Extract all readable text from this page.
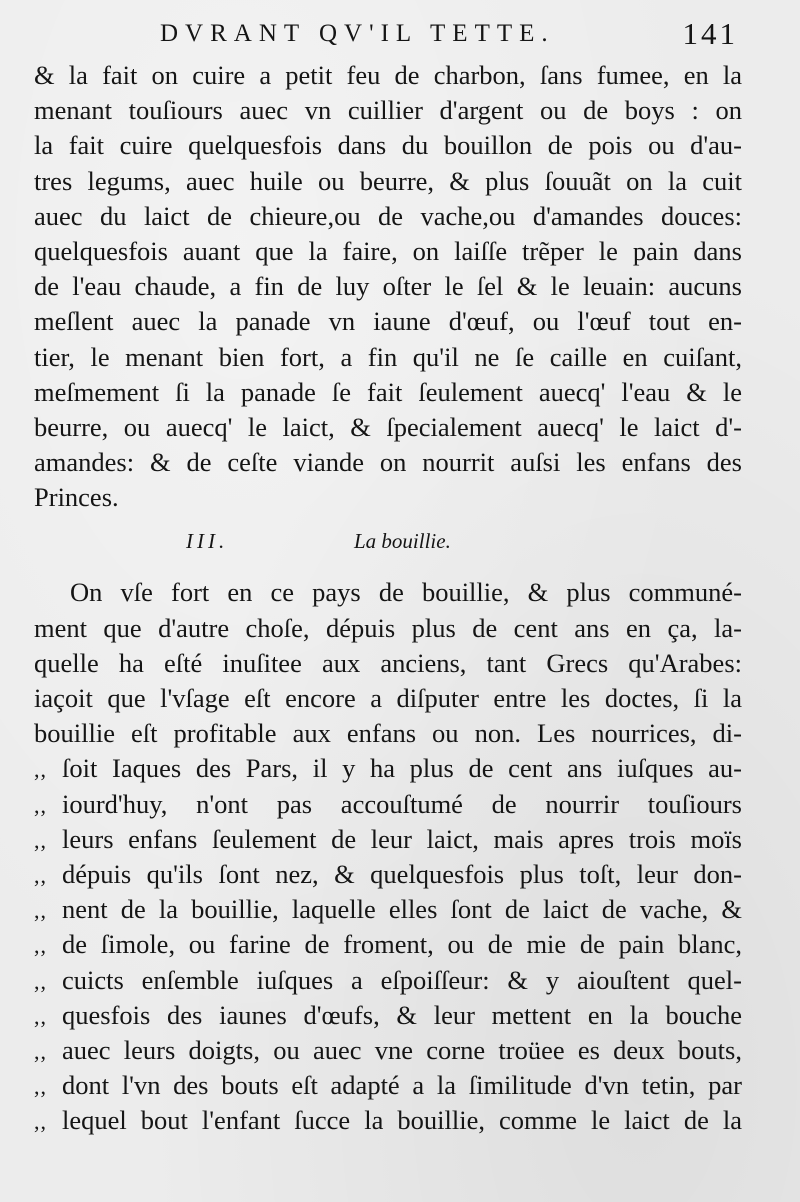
DVRANT QV'IL TETTE.	141
& la fait on cuire a petit feu de charbon, ſans fumee, en la
menant touſiours auec vn cuillier d'argent ou de boys : on
la fait cuire quelquesfois dans du bouillon de pois ou d'au-
tres legums, auec huile ou beurre, & plus ſouuãt on la cuit
auec du laict de chieure,ou de vache,ou d'amandes douces:
quelquesfois auant que la faire, on laiſſe trẽper le pain dans
de l'eau chaude, a fin de luy oſter le ſel & le leuain: aucuns
meſlent auec la panade vn iaune d'œuf, ou l'œuf tout en-
tier, le menant bien fort, a fin qu'il ne ſe caille en cuiſant,
meſmement ſi la panade ſe fait ſeulement auecq' l'eau & le
beurre, ou auecq' le laict, & ſpecialement auecq' le laict d'-
amandes: & de ceſte viande on nourrit auſsi les enfans des
Princes.
III.	La bouillie.
On vſe fort en ce pays de bouillie, & plus communé-
ment que d'autre choſe, dépuis plus de cent ans en ça, la-
quelle ha eſté inuſitee aux anciens, tant Grecs qu'Arabes:
iaçoit que l'vſage eſt encore a diſputer entre les doctes, ſi la
bouillie eſt profitable aux enfans ou non. Les nourrices, di-
,, ſoit Iaques des Pars, il y ha plus de cent ans iuſques au-
,, iourd'huy, n'ont pas accouſtumé de nourrir touſiours
,, leurs enfans ſeulement de leur laict, mais apres trois moïs
,, dépuis qu'ils ſont nez, & quelquesfois plus toſt, leur don-
,, nent de la bouillie, laquelle elles ſont de laict de vache, &
,, de ſimole, ou farine de froment, ou de mie de pain blanc,
,, cuicts enſemble iuſques a eſpoiſſeur: & y aiouſtent quel-
,, quesfois des iaunes d'œufs, & leur mettent en la bouche
,, auec leurs doigts, ou auec vne corne troüee es deux bouts,
,, dont l'vn des bouts eſt adapté a la ſimilitude d'vn tetin, par
,, lequel bout l'enfant ſucce la bouillie, comme le laict de la
